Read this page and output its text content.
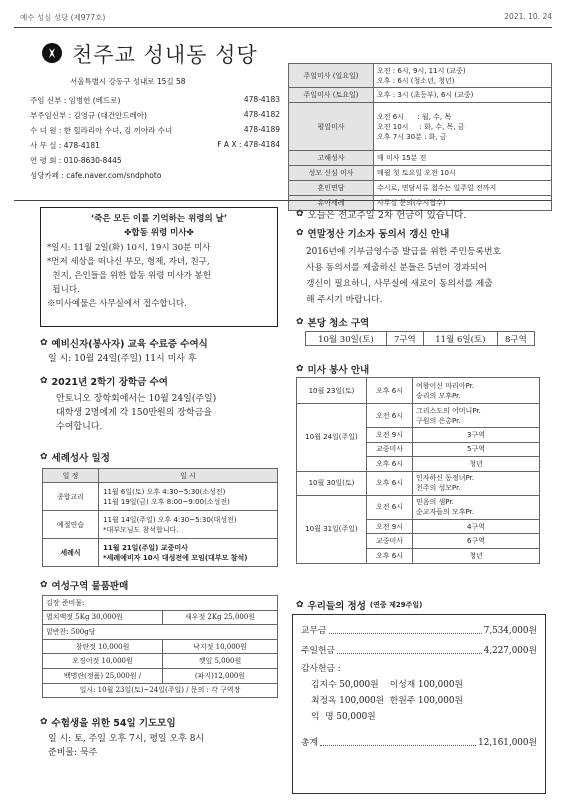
예수 성심 성당 (제977호)	2021. 10. 24
천주교 성내동 성당
서울특별시 강동구 성내로 15길 58
주임 신부 : 임병헌 (베드로)	478-4183
부주임신부 : 김영규 (대건안드레아)	478-4182
수 녀 원 : 한 힐라리아 수녀, 김 끼아라 수녀	478-4189
사 무 실 : 478-4181	F A X : 478-4184
연 령 회 : 010-8630-8445
성당카페 : cafe.naver.com/sndphoto
주일미사 (일요일)	오전 : 6시, 9시, 11시 (교중)
오후 : 6시 (청소년, 청년)
주일미사 (토요일)	오후 : 3시 (초등부), 6시 (교중)
평일미사	오전 6시      : 월, 수, 목
오전 10시     : 화, 수, 목, 금
오후 7시 30분 : 화, 금
고해성사	매 미사 15분 전
성모 신심 미사	매월 첫 토요일 오전 10시
혼인면담	수시로, 면담서류 접수는 일주일 전까지
유아세례	사무실 문의(수시접수)
‘죽은 모든 이를 기억하는 위령의 날’
✤합동 위령 미사✤
*일시: 11월 2일(화) 10시, 19시 30분 미사
*먼저 세상을 떠나신 부모, 형제, 자녀, 친구,
친지, 은인들을 위한 합동 위령 미사가 봉헌
됩니다.
※미사예물은 사무실에서 접수합니다.
✿ 예비신자(봉사자) 교육 수료증 수여식
일 시: 10월 24일(주일) 11시 미사 후
✿ 2021년 2학기 장학금 수여
안토니오 장학회에서는 10월 24일(주일)
대학생 2명에게 각 150만원의 장학금을
수여합니다.
✿ 세례성사 일정
일 정	일 시
종합교리	11월 6일(토) 오후 4:30~5:30(소성전)
11월 19일(금) 오후 8:00~9:00(소성전)
예절연습	11월 14일(주일) 오후 4:30~5:30(대성전)
*대부모님도 참석합니다.
세례식	11월 21일(주일) 교중미사
*세례예비자 10시 대성전에 모임(대부모 참석)
✿ 여성구역 물품판매
김장 준비물:	
멸치액젓 5Kg 30,000원	새우젓 2Kg 25,000원
밑반찬: 500g당	
창란젓 10,000원	낙지젓 10,000원
오징어젓 10,000원	깻잎 5,000원
백명란(정품) 25,000원 /	(파지)12,000원
일시: 10월 23일(토)~24일(주일) / 문의 : 각 구역장	
✿ 수험생을 위한 54일 기도모임
일 시: 토, 주일 오후 7시, 평일 오후 8시
준비물: 묵주
✿ 오늘은 전교주일 2차 헌금이 있습니다.
✿ 연말정산 기소자 동의서 갱신 안내
2016년에 기부금영수증 발급을 위한 주민등록번호
사용 동의서를 제출하신 분들은 5년이 경과되어
갱신이 필요하니, 사무실에 새로이 동의서를 제출
해 주시기 바랍니다.
✿ 본당 청소 구역
10월 30일(토)	7구역	11월 6일(토)	8구역
✿ 미사 봉사 안내
10월 23일(토)	오후 6시	여왕이신 마리아Pr.
승리의 모후Pr.
10월 24일(주일)	오전 6시	그리스도의 어머니Pr.
구원의 은총Pr.
	오전 9시	3구역
	교중미사	5구역
	오후 6시	청년
10월 30일(토)	오후 6시	인자하신 동정녀Pr.
천주의 성모Pr.
10월 31일(주일)	오전 6시	믿음의 샘Pr.
순교자들의 모후Pr.
	오전 9시	4구역
	교중미사	6구역
	오후 6시	청년
✿ 우리들의 정성 (연중 제29주일)
교무금	7,534,000원
주일헌금	4,227,000원
감사헌금 :
김지수 50,000원    이성재 100,000원
최정옥 100,000원  한원주 100,000원
익  명 50,000원
총계	12,161,000원
